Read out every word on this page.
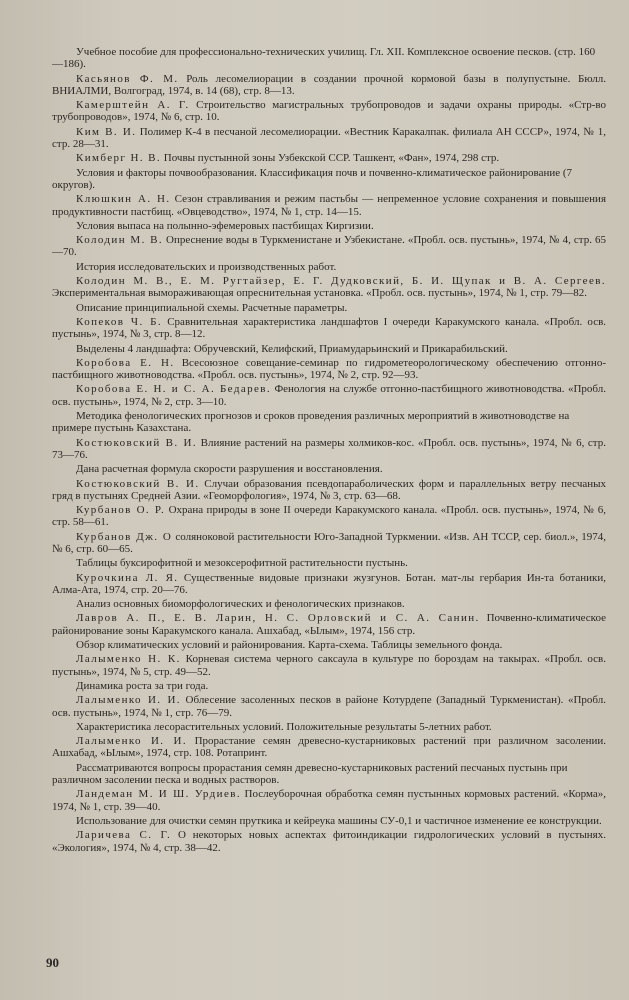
Учебное пособие для профессионально-технических училищ. Гл. XII. Комплексное освоение песков. (стр. 160—186).

Касьянов Ф. М. Роль лесомелиорации в создании прочной кормовой базы в полупустыне. Бюлл. ВНИАЛМИ, Волгоград, 1974, в. 14 (68), стр. 8—13.

Камерштейн А. Г. Строительство магистральных трубопроводов и задачи охраны природы. «Стр-во трубопроводов», 1974, № 6, стр. 10.

Ким В. И. Полимер К-4 в песчаной лесомелиорации. «Вестник Каракалпак. филиала АН СССР», 1974, № 1, стр. 28—31.

Кимберг Н. В. Почвы пустынной зоны Узбекской ССР. Ташкент, «Фан», 1974, 298 стр.

Условия и факторы почвообразования. Классификация почв и почвенно-климатическое районирование (7 округов).

Клюшкин А. Н. Сезон стравливания и режим пастьбы — непременное условие сохранения и повышения продуктивности пастбищ. «Овцеводство», 1974, № 1, стр. 14—15.

Условия выпаса на полынно-эфемеровых пастбищах Киргизии.

Колодин М. В. Опреснение воды в Туркменистане и Узбекистане. «Пробл. осв. пустынь», 1974, № 4, стр. 65—70.

История исследовательских и производственных работ.

Колодин М. В., Е. М. Ругтайзер, Е. Г. Дудковский, Б. И. Щупак и В. А. Сергеев. Экспериментальная вымораживающая опреснительная установка. «Пробл. осв. пустынь», 1974, № 1, стр. 79—82.

Описание принципиальной схемы. Расчетные параметры.

Копеков Ч. Б. Сравнительная характеристика ландшафтов I очереди Каракумского канала. «Пробл. осв. пустынь», 1974, № 3, стр. 8—12.

Выделены 4 ландшафта: Обручевский, Келифский, Приамударьинский и Прикарабильский.

Коробова Е. Н. Всесоюзное совещание-семинар по гидрометеорологическому обеспечению отгонно-пастбищного животноводства. «Пробл. осв. пустынь», 1974, № 2, стр. 92—93.

Коробова Е. Н. и С. А. Бедарев. Фенология на службе отгонно-пастбищного животноводства. «Пробл. осв. пустынь», 1974, № 2, стр. 3—10.

Методика фенологических прогнозов и сроков проведения различных мероприятий в животноводстве на примере пустынь Казахстана.

Костюковский В. И. Влияние растений на размеры холмиков-кос. «Пробл. осв. пустынь», 1974, № 6, стр. 73—76.

Дана расчетная формула скорости разрушения и восстановления.

Костюковский В. И. Случаи образования псевдопараболических форм и параллельных ветру песчаных гряд в пустынях Средней Азии. «Геоморфология», 1974, № 3, стр. 63—68.

Курбанов О. Р. Охрана природы в зоне II очереди Каракумского канала. «Пробл. осв. пустынь», 1974, № 6, стр. 58—61.

Курбанов Дж. О соляноковой растительности Юго-Западной Туркмении. «Изв. АН ТССР, сер. биол.», 1974, № 6, стр. 60—65.

Таблицы буксирофитной и мезоксерофитной растительности пустынь.

Курочкина Л. Я. Существенные видовые признаки жузгунов. Ботан. мат-лы гербария Ин-та ботаники, Алма-Ата, 1974, стр. 20—76.

Анализ основных биоморфологических и фенологических признаков.

Лавров А. П., Е. В. Ларин, Н. С. Орловский и С. А. Санин. Почвенно-климатическое районирование зоны Каракумского канала. Ашхабад, «Ылым», 1974, 156 стр.

Обзор климатических условий и районирования. Карта-схема. Таблицы земельного фонда.

Лалыменко Н. К. Корневая система черного саксаула в культуре по бороздам на такырах. «Пробл. осв. пустынь», 1974, № 5, стр. 49—52.

Динамика роста за три года.

Лалыменко И. И. Облесение засоленных песков в районе Котурдепе (Западный Туркменистан). «Пробл. осв. пустынь», 1974, № 1, стр. 76—79.

Характеристика лесорастительных условий. Положительные результаты 5-летних работ.

Лалыменко И. И. Прорастание семян древесно-кустарниковых растений при различном засолении. Ашхабад, «Ылым», 1974, стр. 108. Ротапринт.

Рассматриваются вопросы прорастания семян древесно-кустарниковых растений песчаных пустынь при различном засолении песка и водных растворов.

Ландеман М. И Ш. Урдиев. Послеуборочная обработка семян пустынных кормовых растений. «Корма», 1974, № 1, стр. 39—40.

Использование для очистки семян пруткика и кейреука машины СУ-0,1 и частичное изменение ее конструкции.

Ларичева С. Г. О некоторых новых аспектах фитоиндикации гидрологических условий в пустынях. «Экология», 1974, № 4, стр. 38—42.

90
